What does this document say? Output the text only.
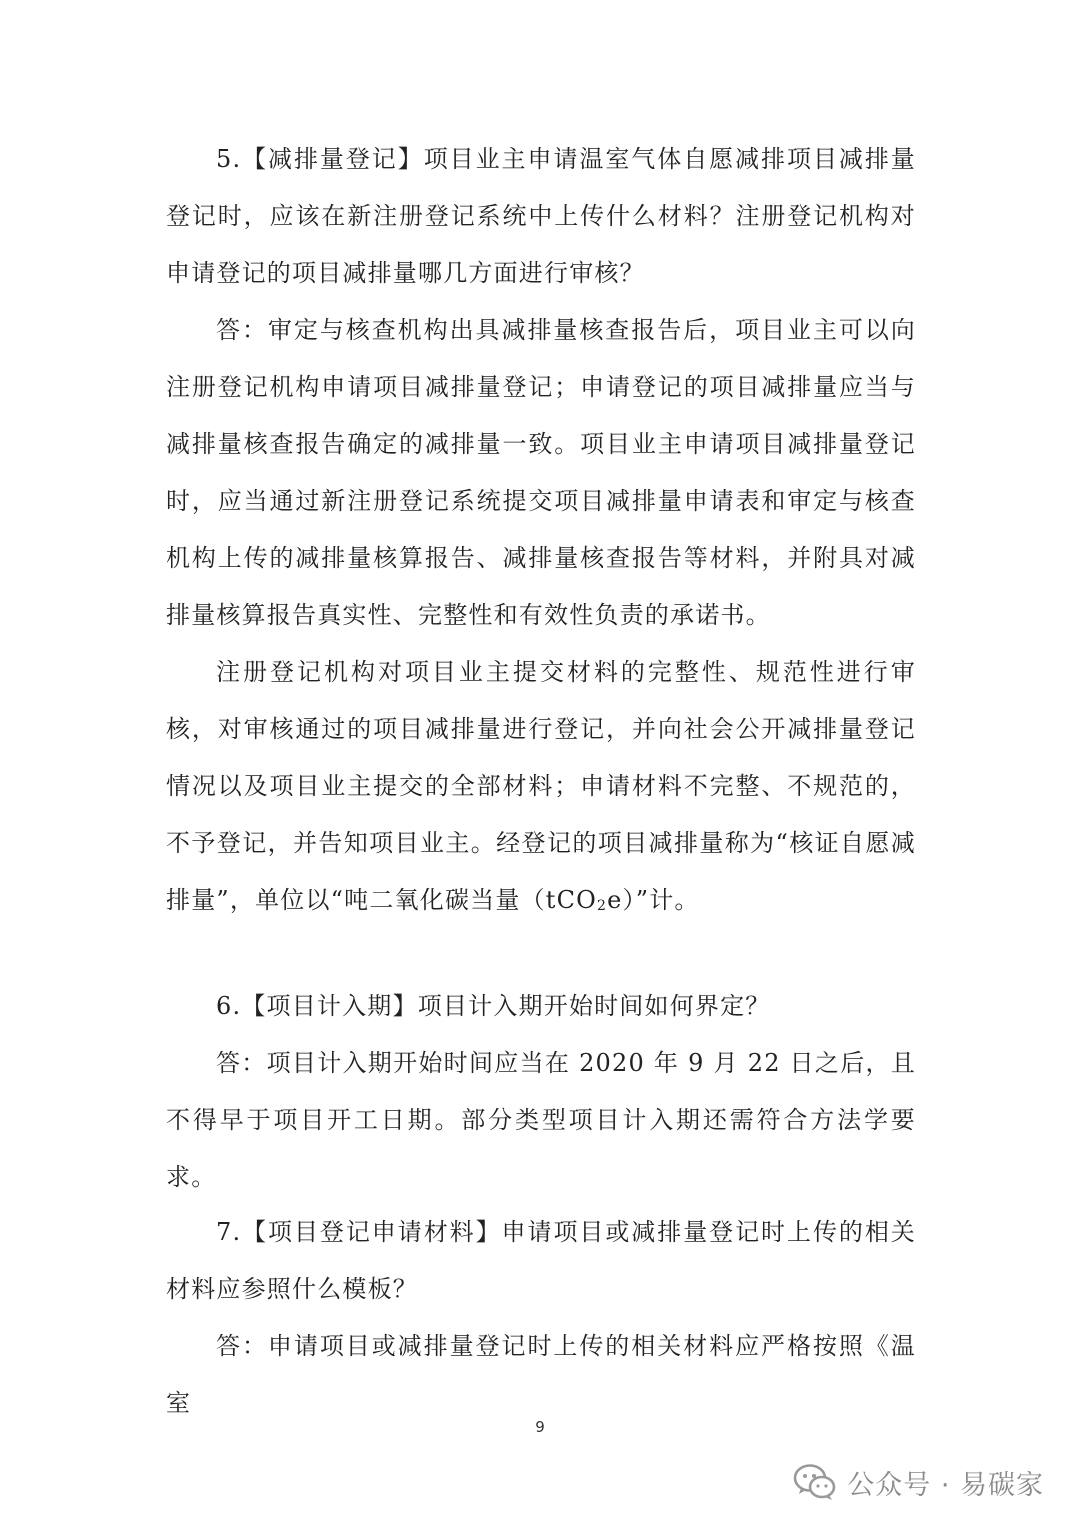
5.【减排量登记】项目业主申请温室气体自愿减排项目减排量登记时，应该在新注册登记系统中上传什么材料？注册登记机构对申请登记的项目减排量哪几方面进行审核？

答：审定与核查机构出具减排量核查报告后，项目业主可以向注册登记机构申请项目减排量登记；申请登记的项目减排量应当与减排量核查报告确定的减排量一致。项目业主申请项目减排量登记时，应当通过新注册登记系统提交项目减排量申请表和审定与核查机构上传的减排量核算报告、减排量核查报告等材料，并附具对减排量核算报告真实性、完整性和有效性负责的承诺书。

注册登记机构对项目业主提交材料的完整性、规范性进行审核，对审核通过的项目减排量进行登记，并向社会公开减排量登记情况以及项目业主提交的全部材料；申请材料不完整、不规范的，不予登记，并告知项目业主。经登记的项目减排量称为“核证自愿减排量”，单位以“吨二氧化碳当量（tCO$_2$e）”计。

6.【项目计入期】项目计入期开始时间如何界定？

答：项目计入期开始时间应当在 2020 年 9 月 22 日之后，且不得早于项目开工日期。部分类型项目计入期还需符合方法学要求。

7.【项目登记申请材料】申请项目或减排量登记时上传的相关材料应参照什么模板？

答：申请项目或减排量登记时上传的相关材料应严格按照《温室

9
公众号 · 易碳家
